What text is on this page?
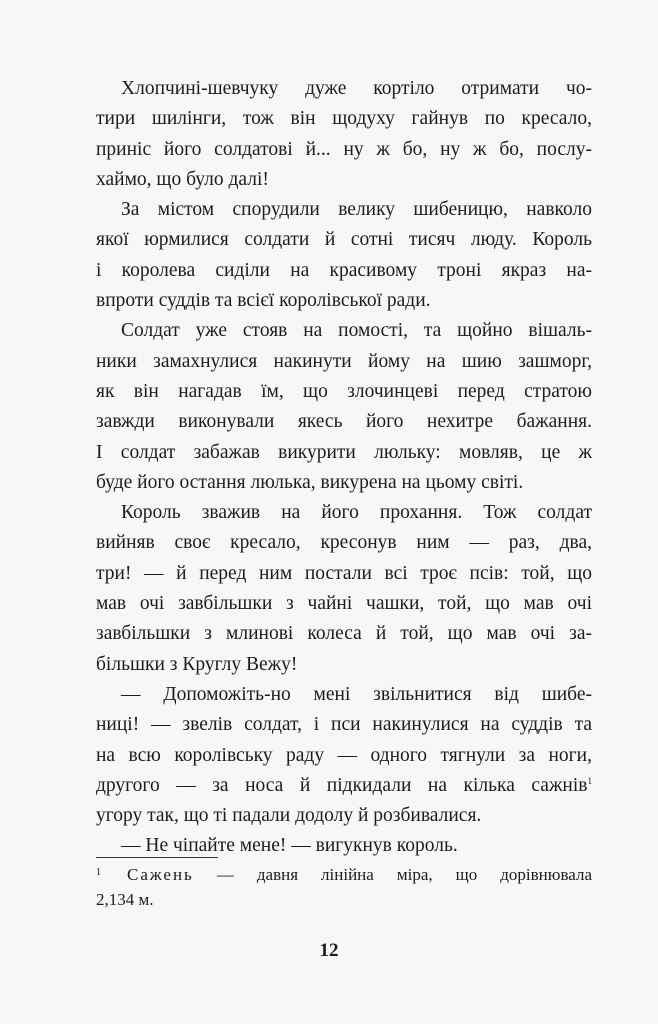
Хлопчині-шевчуку дуже кортіло отримати чо-
тири шилінги, тож він щодуху гайнув по кресало,
приніс його солдатові й... ну ж бо, ну ж бо, послу-
хаймо, що було далі!
За містом спорудили велику шибеницю, навколо
якої юрмилися солдати й сотні тисяч люду. Король
і королева сиділи на красивому троні якраз на-
впроти суддів та всієї королівської ради.
Солдат уже стояв на помості, та щойно вішаль-
ники замахнулися накинути йому на шию зашморг,
як він нагадав їм, що злочинцеві перед стратою
завжди виконували якесь його нехитре бажання.
І солдат забажав викурити люльку: мовляв, це ж
буде його остання люлька, викурена на цьому світі.
Король зважив на його прохання. Тож солдат
вийняв своє кресало, кресонув ним — раз, два,
три! — й перед ним постали всі троє псів: той, що
мав очі завбільшки з чайні чашки, той, що мав очі
завбільшки з млинові колеса й той, що мав очі за-
більшки з Круглу Вежу!
— Допоможіть-но мені звільнитися від шибе-
ниці! — звелів солдат, і пси накинулися на суддів та
на всю королівську раду — одного тягнули за ноги,
другого — за носа й підкидали на кілька сажнів$^1$
угору так, що ті падали додолу й розбивалися.
— Не чіпайте мене! — вигукнув король.
1 Сажень — давня лінійна міра, що дорівнювала
2,134 м.
12
